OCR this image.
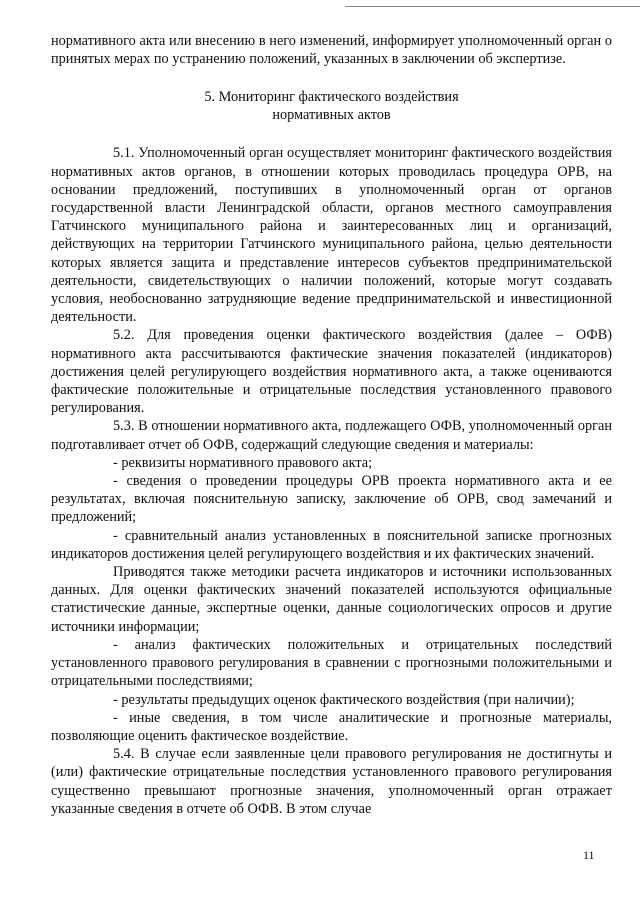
нормативного акта или внесению в него изменений, информирует уполномоченный орган о принятых мерах по устранению положений, указанных в заключении об экспертизе.

5. Мониторинг фактического воздействия
нормативных актов

5.1. Уполномоченный орган осуществляет мониторинг фактического воздействия нормативных актов органов, в отношении которых проводилась процедура ОРВ, на основании предложений, поступивших в уполномоченный орган от органов государственной власти Ленинградской области, органов местного самоуправления Гатчинского муниципального района и заинтересованных лиц и организаций, действующих на территории Гатчинского муниципального района, целью деятельности которых является защита и представление интересов субъектов предпринимательской деятельности, свидетельствующих о наличии положений, которые могут создавать условия, необоснованно затрудняющие ведение предпринимательской и инвестиционной деятельности.

5.2. Для проведения оценки фактического воздействия (далее – ОФВ) нормативного акта рассчитываются фактические значения показателей (индикаторов) достижения целей регулирующего воздействия нормативного акта, а также оцениваются фактические положительные и отрицательные последствия установленного правового регулирования.

5.3. В отношении нормативного акта, подлежащего ОФВ, уполномоченный орган подготавливает отчет об ОФВ, содержащий следующие сведения и материалы:

- реквизиты нормативного правового акта;

- сведения о проведении процедуры ОРВ проекта нормативного акта и ее результатах, включая пояснительную записку, заключение об ОРВ, свод замечаний и предложений;

- сравнительный анализ установленных в пояснительной записке прогнозных индикаторов достижения целей регулирующего воздействия и их фактических значений.

Приводятся также методики расчета индикаторов и источники использованных данных. Для оценки фактических значений показателей используются официальные статистические данные, экспертные оценки, данные социологических опросов и другие источники информации;

- анализ фактических положительных и отрицательных последствий установленного правового регулирования в сравнении с прогнозными положительными и отрицательными последствиями;

- результаты предыдущих оценок фактического воздействия (при наличии);

- иные сведения, в том числе аналитические и прогнозные материалы, позволяющие оценить фактическое воздействие.

5.4. В случае если заявленные цели правового регулирования не достигнуты и (или) фактические отрицательные последствия установленного правового регулирования существенно превышают прогнозные значения, уполномоченный орган отражает указанные сведения в отчете об ОФВ. В этом случае

11
